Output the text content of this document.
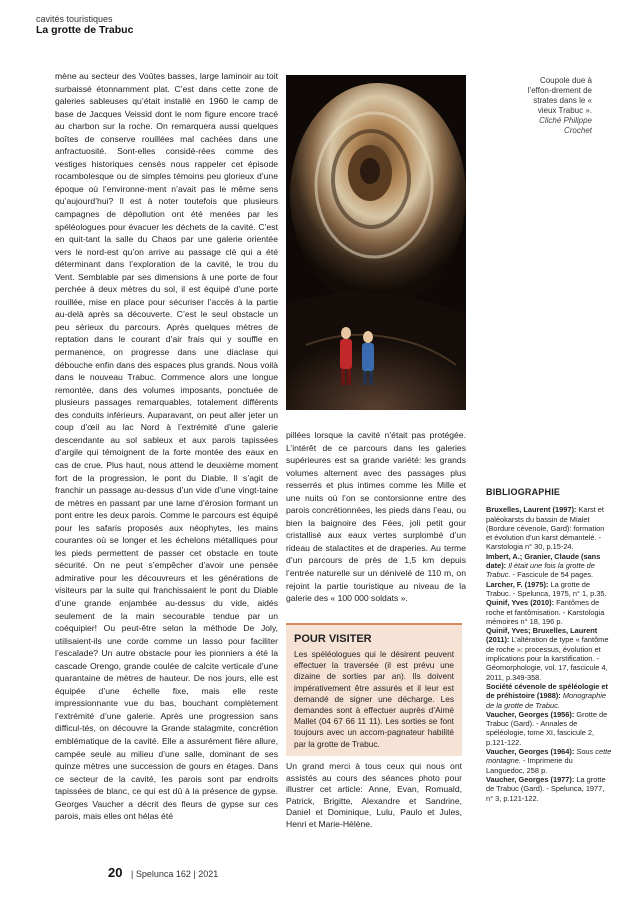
cavités touristiques
La grotte de Trabuc

mène au secteur des Voûtes basses, large laminoir au toit surbaissé étonnamment plat. C’est dans cette zone de galeries sableuses qu’était installé en 1960 le camp de base de Jacques Veissid dont le nom figure encore tracé au charbon sur la roche. On remarquera aussi quelques boîtes de conserve rouillées mal cachées dans une anfractuosité. Sont-elles considé-rées comme des vestiges historiques censés nous rappeler cet épisode rocambolesque ou de simples témoins peu glorieux d’une époque où l’environne-ment n’avait pas le même sens qu’aujourd’hui? Il est à noter toutefois que plusieurs campagnes de dépollution ont été menées par les spéléologues pour évacuer les déchets de la cavité. C’est en quit-tant la salle du Chaos par une galerie orientée vers le nord-est qu’on arrive au passage clé qui a été déterminant dans l’exploration de la cavité, le trou du Vent. Semblable par ses dimensions à une porte de four perchée à deux mètres du sol, il est équipé d’une porte rouillée, mise en place pour sécuriser l’accès à la partie au-delà après sa découverte. C’est le seul obstacle un peu sérieux du parcours. Après quelques mètres de reptation dans le courant d’air frais qui y souffle en permanence, on progresse dans une diaclase qui débouche enfin dans des espaces plus grands. Nous voilà dans le nouveau Trabuc. Commence alors une longue remontée, dans des volumes imposants, ponctuée de plusieurs passages remarquables, totalement différents des conduits inférieurs. Auparavant, on peut aller jeter un coup d’œil au lac Nord à l’extrémité d’une galerie descendante au sol sableux et aux parois tapissées d’argile qui témoignent de la forte montée des eaux en cas de crue. Plus haut, nous attend le deuxième moment fort de la progression, le pont du Diable. Il s’agit de franchir un passage au-dessus d’un vide d’une vingt-taine de mètres en passant par une lame d’érosion formant un pont entre les deux parois. Comme le parcours est équipé pour les safaris proposés aux néophytes, les mains courantes où se longer et les échelons métalliques pour les pieds permettent de passer cet obstacle en toute sécurité. On ne peut s’empêcher d’avoir une pensée admirative pour les découvreurs et les générations de visiteurs par la suite qui franchissaient le pont du Diable d’une grande enjambée au-dessus du vide, aidés seulement de la main secourable tendue par un coéquipier! Ou peut-être selon la méthode De Joly, utilisaient-ils une corde comme un lasso pour faciliter l’escalade? Un autre obstacle pour les pionniers a été la cascade Orengo, grande coulée de calcite verticale d’une quarantaine de mètres de hauteur. De nos jours, elle est équipée d’une échelle fixe, mais elle reste impressionnante vue du bas, bouchant complètement l’extrémité d’une galerie. Après une progression sans difficul-tés, on découvre la Grande stalagmite, concrétion emblématique de la cavité. Elle a assurément fière allure, campée seule au milieu d’une salle, dominant de ses quinze mètres une succession de gours en étages. Dans ce secteur de la cavité, les parois sont par endroits tapissées de blanc, ce qui est dû à la présence de gypse. Georges Vaucher a décrit des fleurs de gypse sur ces parois, mais elles ont hélas été

Coupole due à l’effon-drement de strates dans le « vieux Trabuc ».
Cliché Philippe Crochet

pillées lorsque la cavité n’était pas protégée. L’intérêt de ce parcours dans les galeries supérieures est sa grande variété: les grands volumes alternent avec des passages plus resserrés et plus intimes comme les Mille et une nuits où l’on se contorsionne entre des parois concrétionnées, les pieds dans l’eau, ou bien la baignoire des Fées, joli petit gour cristallisé aux eaux vertes surplombé d’un rideau de stalactites et de draperies. Au terme d’un parcours de près de 1,5 km depuis l’entrée naturelle sur un dénivelé de 110 m, on rejoint la partie touristique au niveau de la galerie des « 100 000 soldats ».

POUR VISITER

Les spéléologues qui le désirent peuvent effectuer la traversée (il est prévu une dizaine de sorties par an). Ils doivent impérativement être assurés et il leur est demandé de signer une décharge. Les demandes sont à effectuer auprès d’Aimé Mallet (04 67 66 11 11). Les sorties se font toujours avec un accom-pagnateur habilité par la grotte de Trabuc.

Un grand merci à tous ceux qui nous ont assistés au cours des séances photo pour illustrer cet article: Anne, Evan, Romuald, Patrick, Brigitte, Alexandre et Sandrine, Daniel et Dominique, Lulu, Paulo et Jules, Henri et Marie-Hélène.
BIBLIOGRAPHIE
Bruxelles, Laurent (1997): Karst et paléokarsts du bassin de Mialet (Bordure cévenole, Gard): formation et évolution d’un karst démantelé. - Karstologia n° 30, p.15-24.
Imbert, A.; Granier, Claude (sans date): Il était une fois la grotte de Trabuc. - Fascicule de 54 pages.
Larcher, F. (1975): La grotte de Trabuc. - Spelunca, 1975, n° 1, p.35.
Quinif, Yves (2010): Fantômes de roche et fantômisation. - Karstologia mémoires n° 18, 196 p.
Quinif, Yves; Bruxelles, Laurent (2011): L’altération de type « fantôme de roche »: processus, évolution et implications pour la karstification. - Géomorphologie, vol. 17, fascicule 4, 2011, p.349-358.
Société cévenole de spéléologie et de préhistoire (1988): Monographie de la grotte de Trabuc.
Vaucher, Georges (1956): Grotte de Trabuc (Gard). - Annales de spéléologie, tome XI, fascicule 2, p.121-122.
Vaucher, Georges (1964): Sous cette montagne. - Imprimerie du Languedoc, 258 p.
Vaucher, Georges (1977): La grotte de Trabuc (Gard). - Spelunca, 1977, n° 3, p.121-122.
20 | Spelunca 162 | 2021
